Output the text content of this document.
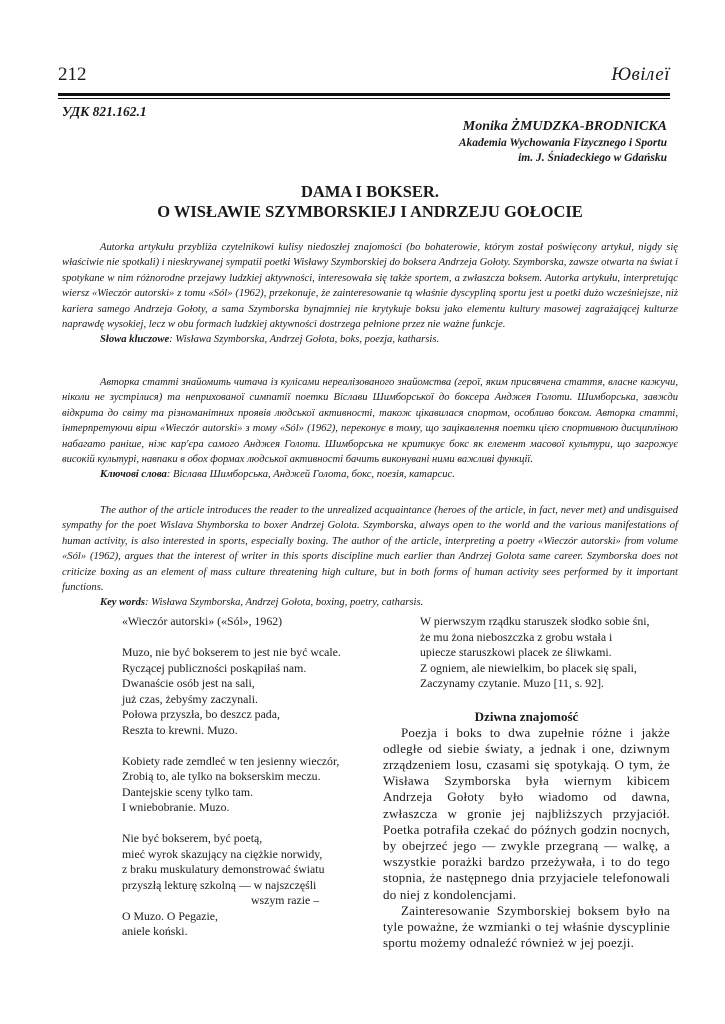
212	Ювілеї
УДК 821.162.1
Monika ŻMUDZKA-BRODNICKA
Akademia Wychowania Fizycznego i Sportu
im. J. Śniadeckiego w Gdańsku
DAMA I BOKSER.
O WISŁAWIE SZYMBORSKIEJ I ANDRZEJU GOŁOCIE

Autorka artykułu przybliża czytelnikowi kulisy niedoszłej znajomości (bo bohaterowie, którym został poświęcony artykuł, nigdy się właściwie nie spotkali) i nieskrywanej sympatii poetki Wisławy Szymborskiej do boksera Andrzeja Gołoty. Szymborska, zawsze otwarta na świat i spotykane w nim różnorodne przejawy ludzkiej aktywności, interesowała się także sportem, a zwłaszcza boksem. Autorka artykułu, interpretując wiersz «Wieczór autorski» z tomu «Sól» (1962), przekonuje, że zainteresowanie tą właśnie dyscypliną sportu jest u poetki dużo wcześniejsze, niż kariera samego Andrzeja Gołoty, a sama Szymborska bynajmniej nie krytykuje boksu jako elementu kultury masowej zagrażającej kulturze naprawdę wysokiej, lecz w obu formach ludzkiej aktywności dostrzega pełnione przez nie ważne funkcje.

Słowa kluczowe: Wisława Szymborska, Andrzej Gołota, boks, poezja, katharsis.

Авторка статті знайомить читача із кулісами нереалізованого знайомства (герої, яким присвячена стаття, власне кажучи, ніколи не зустрілися) та неприхованої симпатії поетки Віслави Шимборської до боксера Анджея Голоти. Шимборська, завжди відкрита до світу та різноманітних проявів людської активності, також цікавилася спортом, особливо боксом. Авторка статті, інтерпретуючи вірш «Wieczór autorski» з тому «Sól» (1962), переконує в тому, що зацікавлення поетки цією спортивною дисципліною набагато раніше, ніж кар'єра самого Анджея Голоти. Шимборська не критикує бокс як елемент масової культури, що загрожує високій культурі, навпаки в обох формах людської активності бачить виконувані ними важливі функції.

Ключові слова: Віслава Шимборська, Анджей Голота, бокс, поезія, катарсис.

The author of the article introduces the reader to the unrealized acquaintance (heroes of the article, in fact, never met) and undisguised sympathy for the poet Wislava Shymborska to boxer Andrzej Golota. Szymborska, always open to the world and the various manifestations of human activity, is also interested in sports, especially boxing. The author of the article, interpreting a poetry «Wieczór autorski» from volume «Sól» (1962), argues that the interest of writer in this sports discipline much earlier than Andrzej Golota same career. Szymborska does not criticize boxing as an element of mass culture threatening high culture, but in both forms of human activity sees performed by it important functions.

Key words: Wisława Szymborska, Andrzej Gołota, boxing, poetry, catharsis.

«Wieczór autorski» («Sól», 1962)
Muzo, nie być bokserem to jest nie być wcale.
Ryczącej publiczności poskąpiłaś nam.
Dwanaście osób jest na sali,
już czas, żebyśmy zaczynali.
Połowa przyszła, bo deszcz pada,
Reszta to krewni. Muzo.
Kobiety rade zemdleć w ten jesienny wieczór,
Zrobią to, ale tylko na bokserskim meczu.
Dantejskie sceny tylko tam.
I wniebobranie. Muzo.
Nie być bokserem, być poetą,
mieć wyrok skazujący na ciężkie norwidy,
z braku muskulatury demonstrować światu
przyszłą lekturę szkolną — w najszczęśli
wszym razie –
O Muzo. O Pegazie,
aniele koński.
W pierwszym rządku staruszek słodko sobie śni,
że mu żona nieboszczka z grobu wstała i
upiecze staruszkowi placek ze śliwkami.
Z ogniem, ale niewielkim, bo placek się spali,
Zaczynamy czytanie. Muzo [11, s. 92].
Dziwna znajomość

Poezja i boks to dwa zupełnie różne i jakże odległe od siebie światy, a jednak i one, dziwnym zrządzeniem losu, czasami się spotykają. O tym, że Wisława Szymborska była wiernym kibicem Andrzeja Gołoty było wiadomo od dawna, zwłaszcza w gronie jej najbliższych przyjaciół. Poetka potrafiła czekać do późnych godzin nocnych, by obejrzeć jego — zwykle przegraną — walkę, a wszystkie porażki bardzo przeżywała, i to do tego stopnia, że następnego dnia przyjaciele telefonowali do niej z kondolencjami.

Zainteresowanie Szymborskiej boksem było na tyle poważne, że wzmianki o tej właśnie dyscyplinie sportu możemy odnaleźć również w jej poezji.
